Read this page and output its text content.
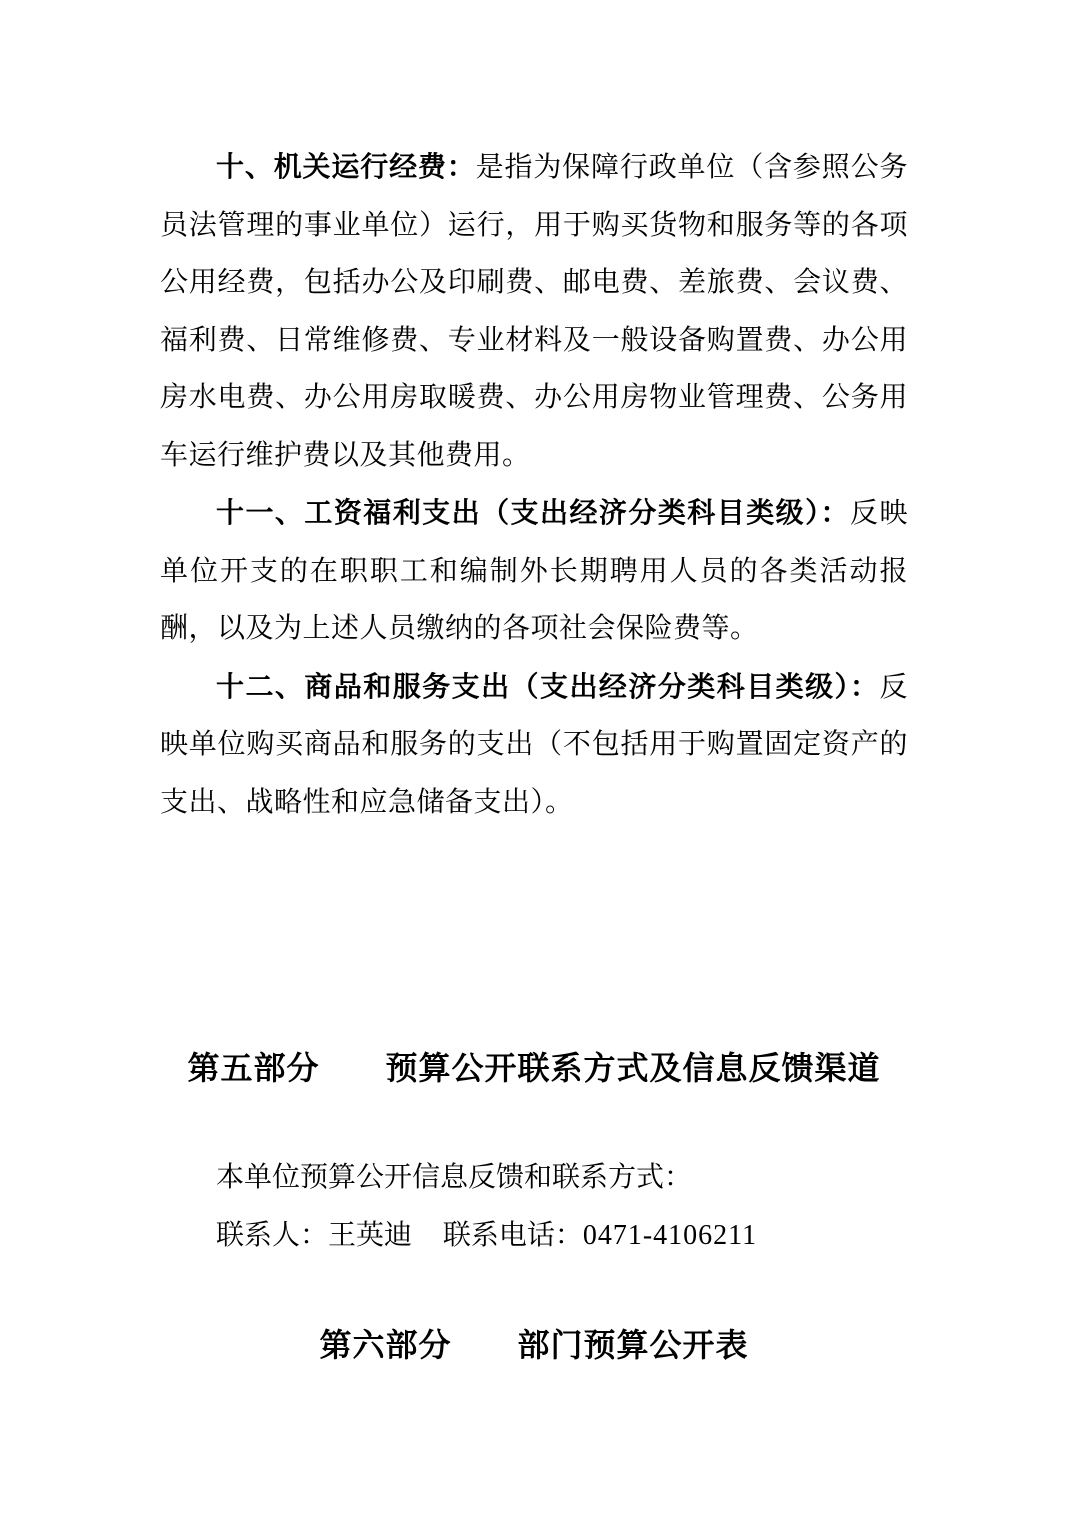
十、机关运行经费：是指为保障行政单位（含参照公务员法管理的事业单位）运行，用于购买货物和服务等的各项公用经费，包括办公及印刷费、邮电费、差旅费、会议费、福利费、日常维修费、专业材料及一般设备购置费、办公用房水电费、办公用房取暖费、办公用房物业管理费、公务用车运行维护费以及其他费用。

十一、工资福利支出（支出经济分类科目类级）：反映单位开支的在职职工和编制外长期聘用人员的各类活动报酬，以及为上述人员缴纳的各项社会保险费等。

十二、商品和服务支出（支出经济分类科目类级）：反映单位购买商品和服务的支出（不包括用于购置固定资产的支出、战略性和应急储备支出）。

第五部分　　预算公开联系方式及信息反馈渠道

本单位预算公开信息反馈和联系方式：

联系人：王英迪 联系电话：0471-4106211

第六部分　　部门预算公开表
